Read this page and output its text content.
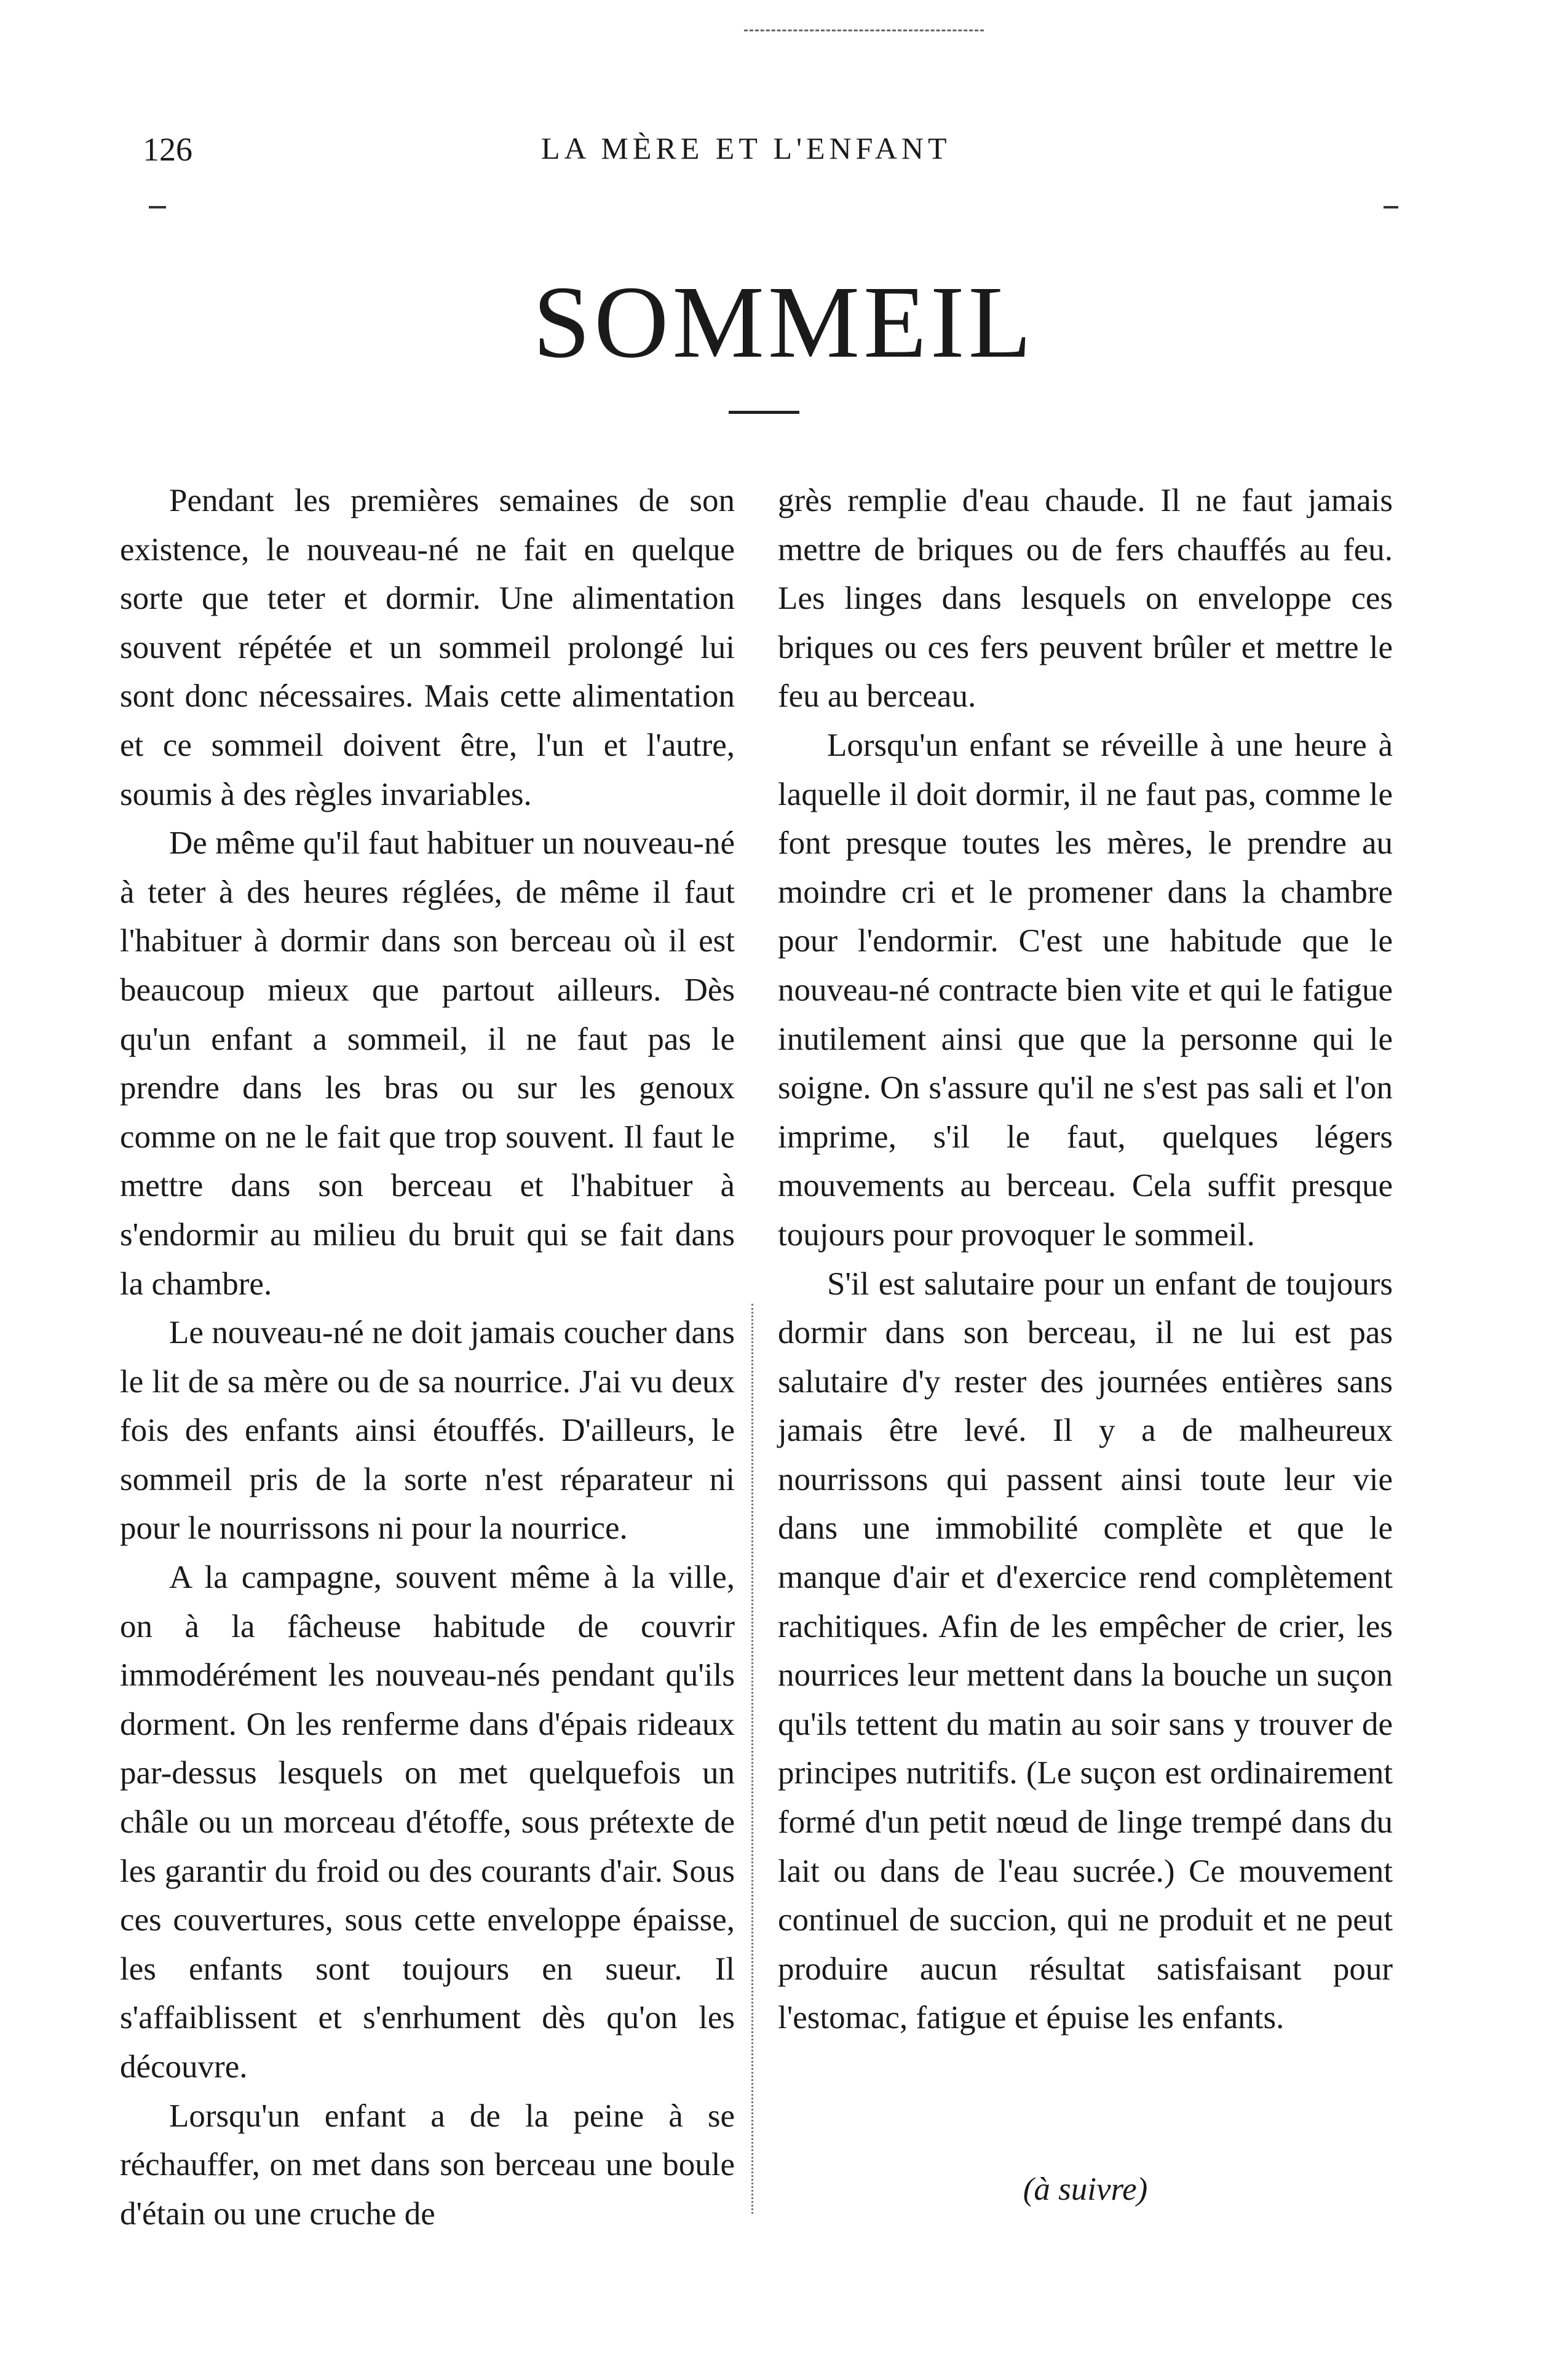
126	LA MÈRE ET L'ENFANT
SOMMEIL

Pendant les premières semaines de son existence, le nouveau-né ne fait en quelque sorte que teter et dormir. Une alimentation souvent répétée et un sommeil prolongé lui sont donc nécessaires. Mais cette alimentation et ce sommeil doivent être, l'un et l'autre, soumis à des règles invariables.

De même qu'il faut habituer un nouveau-né à teter à des heures réglées, de même il faut l'habituer à dormir dans son berceau où il est beaucoup mieux que partout ailleurs. Dès qu'un enfant a sommeil, il ne faut pas le prendre dans les bras ou sur les genoux comme on ne le fait que trop souvent. Il faut le mettre dans son berceau et l'habituer à s'endormir au milieu du bruit qui se fait dans la chambre.

Le nouveau-né ne doit jamais coucher dans le lit de sa mère ou de sa nourrice. J'ai vu deux fois des enfants ainsi étouffés. D'ailleurs, le sommeil pris de la sorte n'est réparateur ni pour le nourrissons ni pour la nourrice.

A la campagne, souvent même à la ville, on à la fâcheuse habitude de couvrir immodérément les nouveau-nés pendant qu'ils dorment. On les renferme dans d'épais rideaux par-dessus lesquels on met quelquefois un châle ou un morceau d'étoffe, sous prétexte de les garantir du froid ou des courants d'air. Sous ces couvertures, sous cette enveloppe épaisse, les enfants sont toujours en sueur. Il s'affaiblissent et s'enrhument dès qu'on les découvre.

Lorsqu'un enfant a de la peine à se réchauffer, on met dans son berceau une boule d'étain ou une cruche de

grès remplie d'eau chaude. Il ne faut jamais mettre de briques ou de fers chauffés au feu. Les linges dans lesquels on enveloppe ces briques ou ces fers peuvent brûler et mettre le feu au berceau.

Lorsqu'un enfant se réveille à une heure à laquelle il doit dormir, il ne faut pas, comme le font presque toutes les mères, le prendre au moindre cri et le promener dans la chambre pour l'endormir. C'est une habitude que le nouveau-né contracte bien vite et qui le fatigue inutilement ainsi que que la personne qui le soigne. On s'assure qu'il ne s'est pas sali et l'on imprime, s'il le faut, quelques légers mouvements au berceau. Cela suffit presque toujours pour provoquer le sommeil.

S'il est salutaire pour un enfant de toujours dormir dans son berceau, il ne lui est pas salutaire d'y rester des journées entières sans jamais être levé. Il y a de malheureux nourrissons qui passent ainsi toute leur vie dans une immobilité complète et que le manque d'air et d'exercice rend complètement rachitiques. Afin de les empêcher de crier, les nourrices leur mettent dans la bouche un suçon qu'ils tettent du matin au soir sans y trouver de principes nutritifs. (Le suçon est ordinairement formé d'un petit nœud de linge trempé dans du lait ou dans de l'eau sucrée.) Ce mouvement continuel de succion, qui ne produit et ne peut produire aucun résultat satisfaisant pour l'estomac, fatigue et épuise les enfants.

(à suivre)
